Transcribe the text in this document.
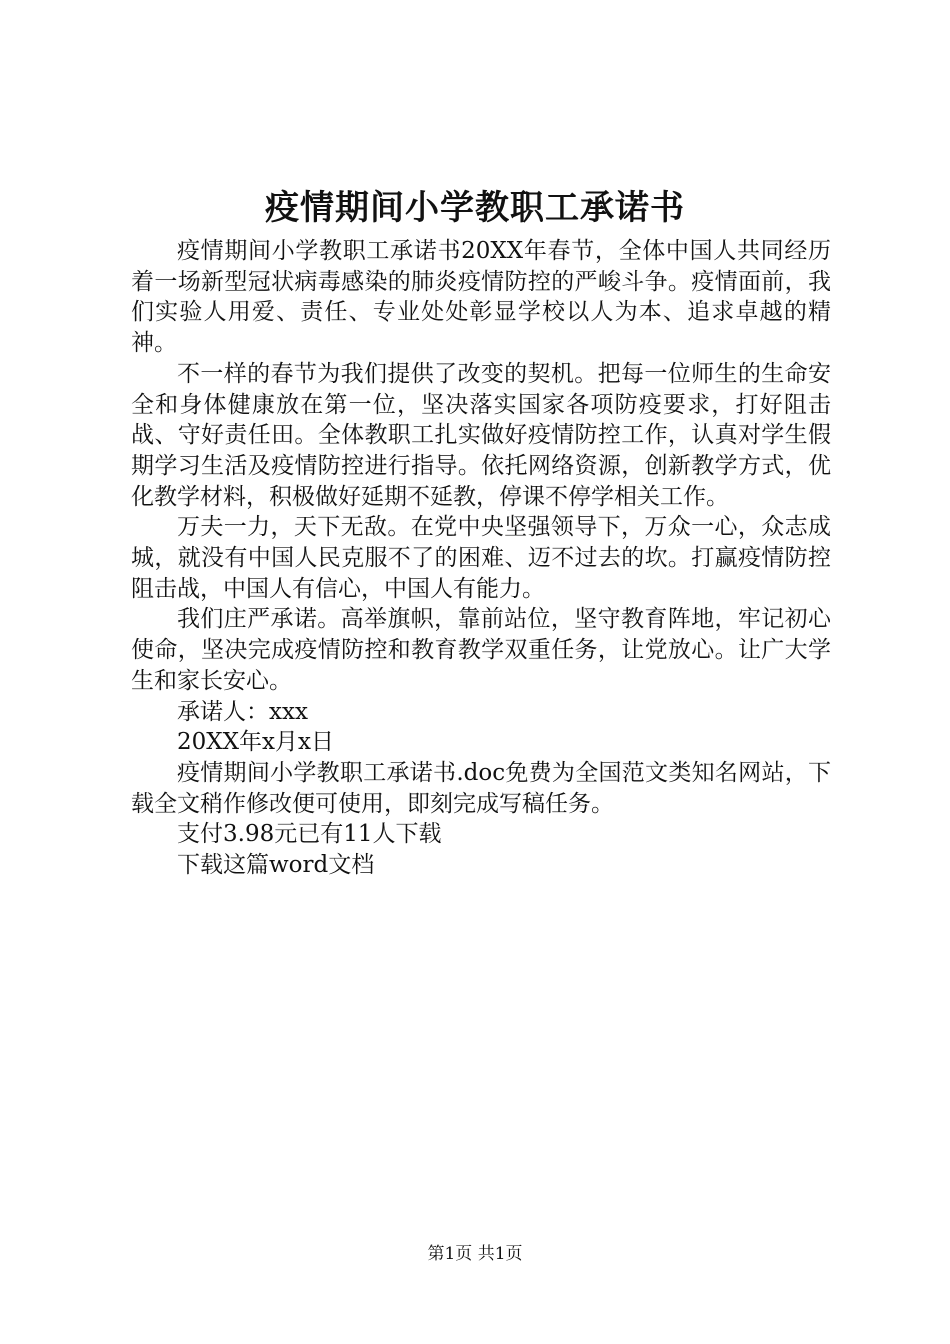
疫情期间小学教职工承诺书

疫情期间小学教职工承诺书20XX年春节，全体中国人共同经历着一场新型冠状病毒感染的肺炎疫情防控的严峻斗争。疫情面前，我们实验人用爱、责任、专业处处彰显学校以人为本、追求卓越的精神。

不一样的春节为我们提供了改变的契机。把每一位师生的生命安全和身体健康放在第一位，坚决落实国家各项防疫要求，打好阻击战、守好责任田。全体教职工扎实做好疫情防控工作，认真对学生假期学习生活及疫情防控进行指导。依托网络资源，创新教学方式，优化教学材料，积极做好延期不延教，停课不停学相关工作。

万夫一力，天下无敌。在党中央坚强领导下，万众一心，众志成城，就没有中国人民克服不了的困难、迈不过去的坎。打赢疫情防控阻击战，中国人有信心，中国人有能力。

我们庄严承诺。高举旗帜，靠前站位，坚守教育阵地，牢记初心使命，坚决完成疫情防控和教育教学双重任务，让党放心。让广大学生和家长安心。

承诺人：xxx

20XX年x月x日

疫情期间小学教职工承诺书.doc免费为全国范文类知名网站，下载全文稍作修改便可使用，即刻完成写稿任务。

支付3.98元已有11人下载

下载这篇word文档

第1页 共1页
